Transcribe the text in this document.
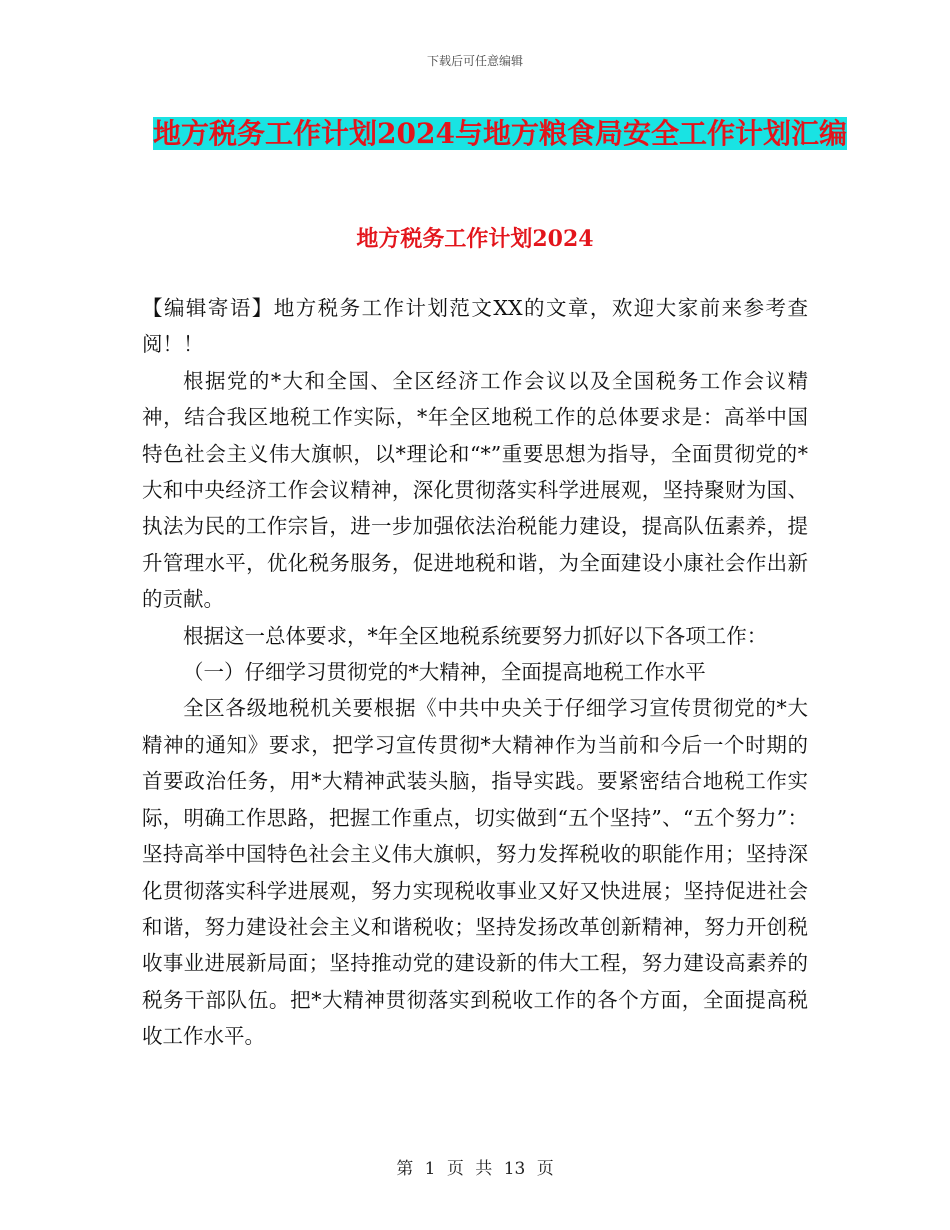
下载后可任意编辑
地方税务工作计划2024与地方粮食局安全工作计划汇编
地方税务工作计划2024

【编辑寄语】地方税务工作计划范文XX的文章，欢迎大家前来参考查阅！！

根据党的*大和全国、全区经济工作会议以及全国税务工作会议精神，结合我区地税工作实际，*年全区地税工作的总体要求是：高举中国特色社会主义伟大旗帜，以*理论和“*”重要思想为指导，全面贯彻党的*大和中央经济工作会议精神，深化贯彻落实科学进展观，坚持聚财为国、执法为民的工作宗旨，进一步加强依法治税能力建设，提高队伍素养，提升管理水平，优化税务服务，促进地税和谐，为全面建设小康社会作出新的贡献。

根据这一总体要求，*年全区地税系统要努力抓好以下各项工作：

（一）仔细学习贯彻党的*大精神，全面提高地税工作水平

全区各级地税机关要根据《中共中央关于仔细学习宣传贯彻党的*大精神的通知》要求，把学习宣传贯彻*大精神作为当前和今后一个时期的首要政治任务，用*大精神武装头脑，指导实践。要紧密结合地税工作实际，明确工作思路，把握工作重点，切实做到“五个坚持”、“五个努力”：坚持高举中国特色社会主义伟大旗帜，努力发挥税收的职能作用；坚持深化贯彻落实科学进展观，努力实现税收事业又好又快进展；坚持促进社会和谐，努力建设社会主义和谐税收；坚持发扬改革创新精神，努力开创税收事业进展新局面；坚持推动党的建设新的伟大工程，努力建设高素养的税务干部队伍。把*大精神贯彻落实到税收工作的各个方面，全面提高税收工作水平。

第 1 页 共 13 页
